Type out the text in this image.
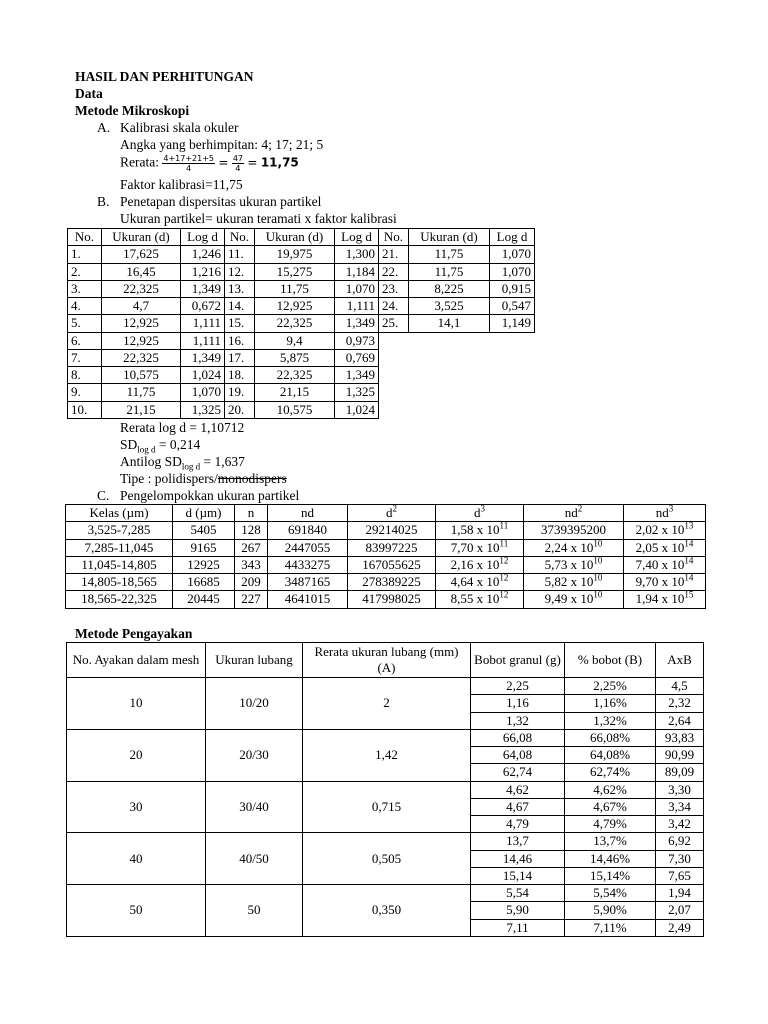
HASIL DAN PERHITUNGAN
Data
Metode Mikroskopi
A. Kalibrasi skala okuler
Angka yang berhimpitan: 4; 17; 21; 5
Rerata: $\frac{4+17+21+5}{4} = \frac{47}{4} = 11,75$
Faktor kalibrasi=11,75
B. Penetapan dispersitas ukuran partikel
Ukuran partikel= ukuran teramati x faktor kalibrasi
No.	Ukuran (d)	Log d	No.	Ukuran (d)	Log d	No.	Ukuran (d)	Log d
1.	17,625	1,246	11.	19,975	1,300	21.	11,75	1,070
2.	16,45	1,216	12.	15,275	1,184	22.	11,75	1,070
3.	22,325	1,349	13.	11,75	1,070	23.	8,225	0,915
4.	4,7	0,672	14.	12,925	1,111	24.	3,525	0,547
5.	12,925	1,111	15.	22,325	1,349	25.	14,1	1,149
6.	12,925	1,111	16.	9,4	0,973			
7.	22,325	1,349	17.	5,875	0,769			
8.	10,575	1,024	18.	22,325	1,349			
9.	11,75	1,070	19.	21,15	1,325			
10.	21,15	1,325	20.	10,575	1,024			
Rerata log d = 1,10712
$SD_{log d} = 0,214$
Antilog $SD_{log d} = 1,637$
Tipe : polidispers/monodispers
C. Pengelompokkan ukuran partikel
Kelas (µm)	d (µm)	n	nd	$d^2$	$d^3$	$nd^2$	$nd^3$
3,525-7,285	5405	128	691840	29214025	1,58 x $10^{11}$	3739395200	2,02 x $10^{13}$
7,285-11,045	9165	267	2447055	83997225	7,70 x $10^{11}$	2,24 x $10^{10}$	2,05 x $10^{14}$
11,045-14,805	12925	343	4433275	167055625	2,16 x $10^{12}$	5,73 x $10^{10}$	7,40 x $10^{14}$
14,805-18,565	16685	209	3487165	278389225	4,64 x $10^{12}$	5,82 x $10^{10}$	9,70 x $10^{14}$
18,565-22,325	20445	227	4641015	417998025	8,55 x $10^{12}$	9,49 x $10^{10}$	1,94 x $10^{15}$
Metode Pengayakan
No. Ayakan dalam mesh	Ukuran lubang	Rerata ukuran lubang (mm) (A)	Bobot granul (g)	% bobot (B)	AxB
10	10/20	2	2,25	2,25%	4,5
			1,16	1,16%	2,32
			1,32	1,32%	2,64
20	20/30	1,42	66,08	66,08%	93,83
			64,08	64,08%	90,99
			62,74	62,74%	89,09
30	30/40	0,715	4,62	4,62%	3,30
			4,67	4,67%	3,34
			4,79	4,79%	3,42
40	40/50	0,505	13,7	13,7%	6,92
			14,46	14,46%	7,30
			15,14	15,14%	7,65
50	50	0,350	5,54	5,54%	1,94
			5,90	5,90%	2,07
			7,11	7,11%	2,49
